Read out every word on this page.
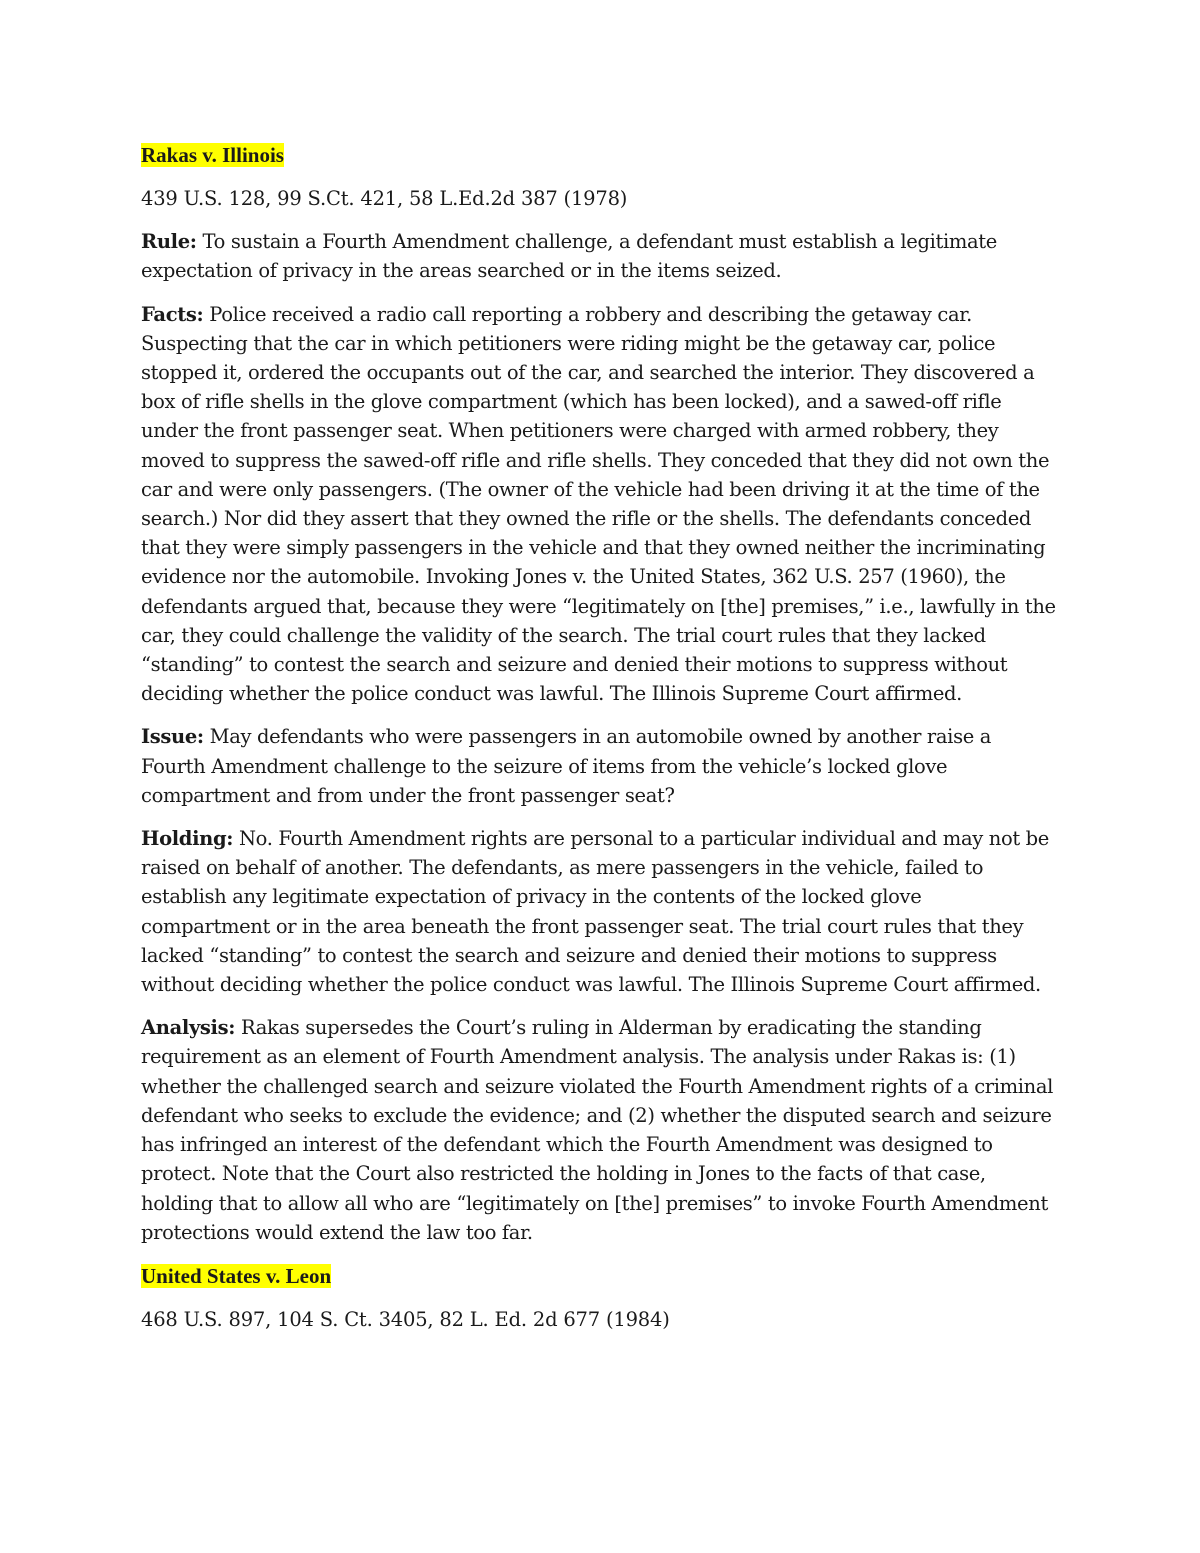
Rakas v. Illinois
439 U.S. 128, 99 S.Ct. 421, 58 L.Ed.2d 387 (1978)
Rule: To sustain a Fourth Amendment challenge, a defendant must establish a legitimate expectation of privacy in the areas searched or in the items seized.
Facts: Police received a radio call reporting a robbery and describing the getaway car. Suspecting that the car in which petitioners were riding might be the getaway car, police stopped it, ordered the occupants out of the car, and searched the interior. They discovered a box of rifle shells in the glove compartment (which has been locked), and a sawed-off rifle under the front passenger seat. When petitioners were charged with armed robbery, they moved to suppress the sawed-off rifle and rifle shells. They conceded that they did not own the car and were only passengers. (The owner of the vehicle had been driving it at the time of the search.) Nor did they assert that they owned the rifle or the shells. The defendants conceded that they were simply passengers in the vehicle and that they owned neither the incriminating evidence nor the automobile. Invoking Jones v. the United States, 362 U.S. 257 (1960), the defendants argued that, because they were “legitimately on [the] premises,” i.e., lawfully in the car, they could challenge the validity of the search. The trial court rules that they lacked “standing” to contest the search and seizure and denied their motions to suppress without deciding whether the police conduct was lawful. The Illinois Supreme Court affirmed.
Issue: May defendants who were passengers in an automobile owned by another raise a Fourth Amendment challenge to the seizure of items from the vehicle’s locked glove compartment and from under the front passenger seat?
Holding: No. Fourth Amendment rights are personal to a particular individual and may not be raised on behalf of another. The defendants, as mere passengers in the vehicle, failed to establish any legitimate expectation of privacy in the contents of the locked glove compartment or in the area beneath the front passenger seat. The trial court rules that they lacked “standing” to contest the search and seizure and denied their motions to suppress without deciding whether the police conduct was lawful. The Illinois Supreme Court affirmed.
Analysis: Rakas supersedes the Court’s ruling in Alderman by eradicating the standing requirement as an element of Fourth Amendment analysis. The analysis under Rakas is: (1) whether the challenged search and seizure violated the Fourth Amendment rights of a criminal defendant who seeks to exclude the evidence; and (2) whether the disputed search and seizure has infringed an interest of the defendant which the Fourth Amendment was designed to protect. Note that the Court also restricted the holding in Jones to the facts of that case, holding that to allow all who are “legitimately on [the] premises” to invoke Fourth Amendment protections would extend the law too far.
United States v. Leon
468 U.S. 897, 104 S. Ct. 3405, 82 L. Ed. 2d 677 (1984)
